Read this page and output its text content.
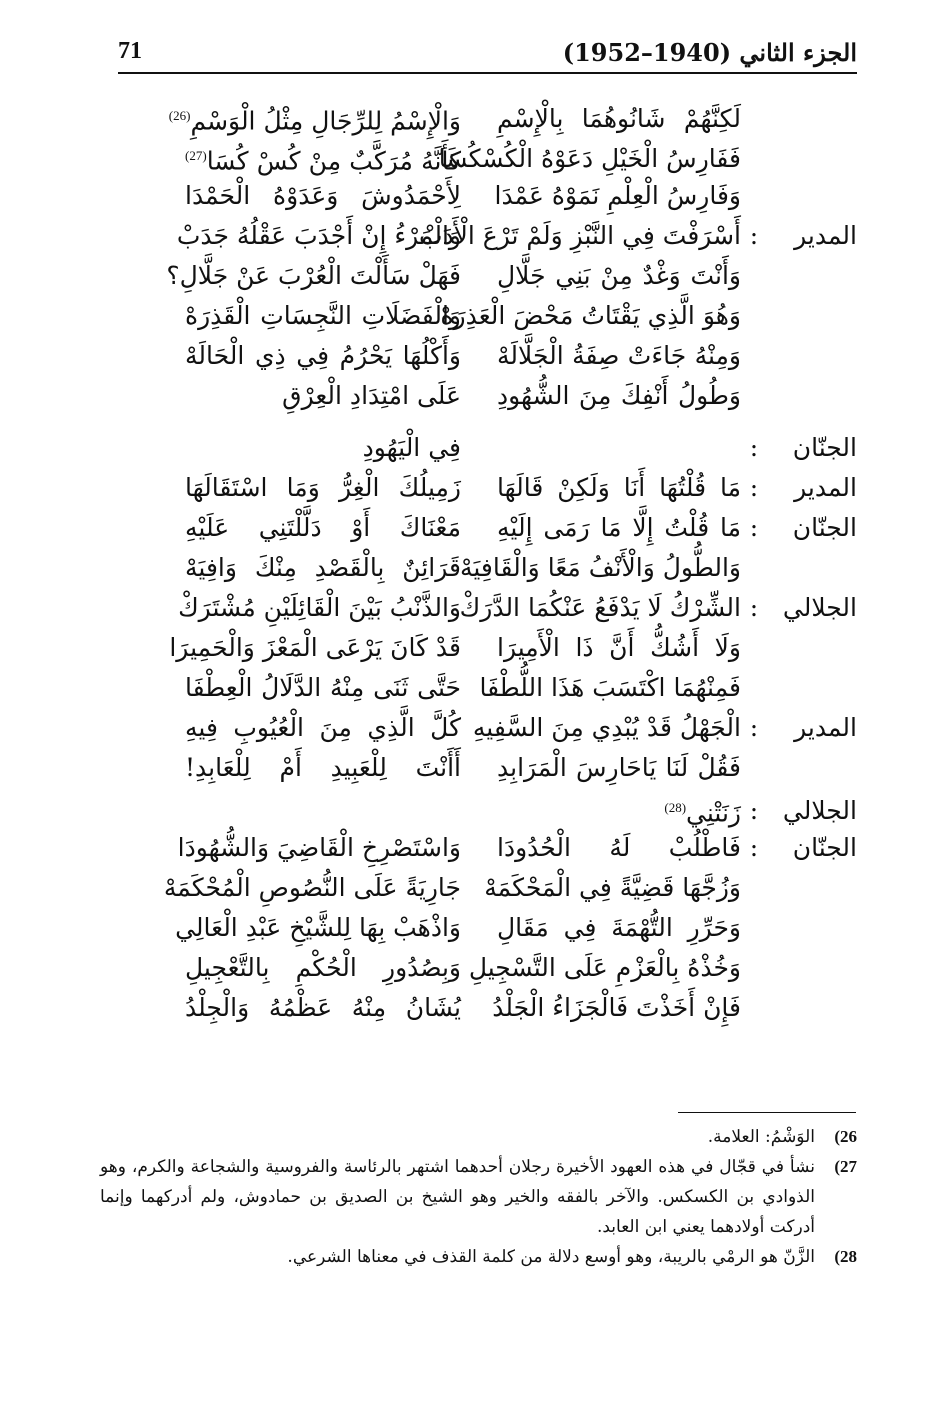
71	الجزء الثاني (1940–1952)
لَكِنَّهُمْ شَانُوهُمَا بِالْإِسْمِ
وَالْإِسْمُ لِلرِّجَالِ مِثْلُ الْوَسْمِ$^{(26)}$
فَفَارِسُ الْخَيْلِ دَعَوْهُ الْكُسْكُسَا
كَأَنَّهُ مُرَكَّبٌ مِنْ كُسْ كُسَا$^{(27)}$
وَفَارِسُ الْعِلْمِ نَمَوْهُ عَمْدَا
لِأَحْمَدُوشَ وَعَدَوْهُ الْحَمْدَا
المدير
:
أَسْرَفْتَ فِي النَّبْزِ وَلَمْ تَرْعَ الْأَدَبْ
وَالْمَرْءُ إِنْ أَجْدَبَ عَقْلُهُ جَدَبْ
وَأَنْتَ وَغْدٌ مِنْ بَنِي جَلَّالِ
فَهَلْ سَأَلْتَ الْعُرْبَ عَنْ جَلَّالِ؟
وَهُوَ الَّذِي يَقْتَاتُ مَحْضَ الْعَذِرَهْ
وَالْفَضَلَاتِ النَّجِسَاتِ الْقَذِرَهْ
وَمِنْهُ جَاءَتْ صِفَةُ الْجَلَّالَهْ
وَأَكْلُهَا يَحْرُمُ فِي ذِي الْحَالَهْ
وَطُولُ أَنْفِكَ مِنَ الشُّهُودِ
عَلَى امْتِدَادِ الْعِرْقِ
الجنّان
:
فِي الْيَهُودِ
المدير
:
مَا قُلْتُهَا أَنَا وَلَكِنْ قَالَهَا
زَمِيلُكَ الْغِرُّ وَمَا اسْتَقَالَهَا
الجنّان
:
مَا قُلْتُ إِلَّا مَا رَمَى إِلَيْهِ
مَعْنَاكَ أَوْ دَلَّلْتَنِي عَلَيْهِ
وَالطُّولُ وَالْأَنْفُ مَعًا وَالْقَافِيَهْ
قَرَائِنٌ بِالْقَصْدِ مِنْكَ وَافِيَهْ
الجلالي
:
الشِّرْكُ لَا يَدْفَعُ عَنْكُمَا الدَّرَكْ
وَالذَّنْبُ بَيْنَ الْقَائِلَيْنِ مُشْتَرَكْ
وَلَا أَشُكُّ أَنَّ ذَا الْأَمِيرَا
قَدْ كَانَ يَرْعَى الْمَعْزَ وَالْحَمِيرَا
فَمِنْهُمَا اكْتَسَبَ هَذَا اللُّطْفَا
حَتَّى ثَنَى مِنْهُ الدَّلَالُ الْعِطْفَا
المدير
:
الْجَهْلُ قَدْ يُبْدِي مِنَ السَّفِيهِ
كُلَّ الَّذِي مِنَ الْعُيُوبِ فِيهِ
فَقُلْ لَنَا يَاحَارِسَ الْمَرَابِدِ
أَأَنْتَ لِلْعَبِيدِ أَمْ لِلْعَابِدِ!
الجلالي
:
زَنَتْنِي$^{(28)}$
الجنّان
:
فَاطْلُبْ لَهُ الْحُدُودَا
وَاسْتَصْرِخِ الْقَاضِيَ وَالشُّهُودَا
وَزُجَّهَا قَضِيَّةً فِي الْمَحْكَمَهْ
جَارِيَةً عَلَى النُّصُوصِ الْمُحْكَمَهْ
وَحَرِّرِ التُّهْمَةَ فِي مَقَالِ
وَاذْهَبْ بِهَا لِلشَّيْخِ عَبْدِ الْعَالِي
وَخُذْهُ بِالْعَزْمِ عَلَى التَّسْجِيلِ
وَبِصُدُورِ الْحُكْمِ بِالتَّعْجِيلِ
فَإِنْ أَخَذْتَ فَالْجَزَاءُ الْجَلْدُ
يُشَانُ مِنْهُ عَظْمُهُ وَالْجِلْدُ
26)
الوَشْمُ: العلامة.
27)
نشأ في قجّال في هذه العهود الأخيرة رجلان أحدهما اشتهر بالرئاسة والفروسية والشجاعة والكرم، وهو الذوادي بن الكسكس. والآخر بالفقه والخير وهو الشيخ بن الصديق بن حمادوش، ولم أدركهما وإنما أدركت أولادهما يعني ابن العابد.
28)
الزَّنّ هو الرمْي بالريبة، وهو أوسع دلالة من كلمة القذف في معناها الشرعي.
